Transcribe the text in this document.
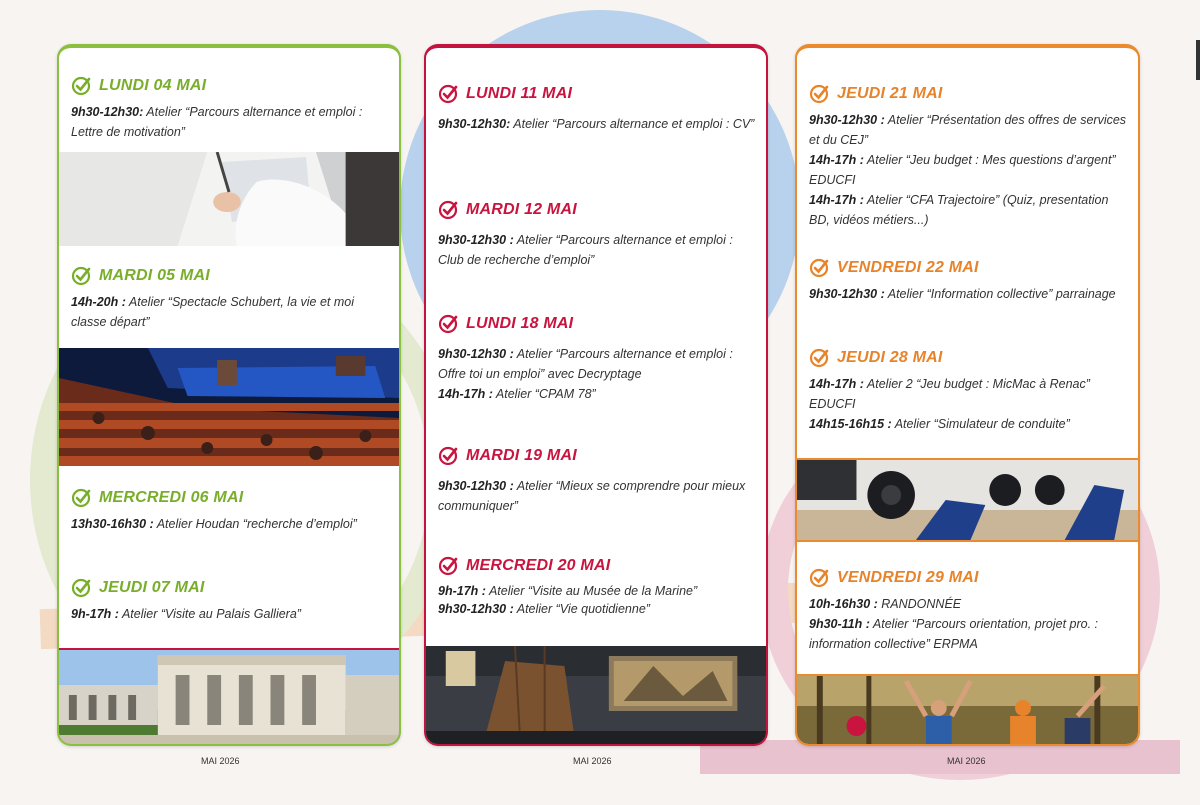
LUNDI 04 MAI
9h30-12h30: Atelier “Parcours alternance et emploi : Lettre de motivation”
MARDI 05 MAI
14h-20h : Atelier “Spectacle Schubert, la vie et moi classe départ”
MERCREDI 06 MAI
13h30-16h30 : Atelier Houdan “recherche d’emploi”
JEUDI 07 MAI
9h-17h : Atelier “Visite au Palais Galliera”
LUNDI 11 MAI
9h30-12h30: Atelier “Parcours alternance et emploi : CV”
MARDI 12 MAI
9h30-12h30 : Atelier “Parcours alternance et emploi : Club de recherche d’emploi”
LUNDI 18 MAI
9h30-12h30 : Atelier “Parcours alternance et emploi : Offre toi un emploi” avec Decryptage
14h-17h : Atelier “CPAM 78”
MARDI 19 MAI
9h30-12h30 : Atelier “Mieux se comprendre pour mieux communiquer”
MERCREDI 20 MAI
9h-17h : Atelier “Visite au Musée de la Marine”
9h30-12h30 : Atelier “Vie quotidienne”
JEUDI 21 MAI
9h30-12h30 : Atelier “Présentation des offres de services et du CEJ”
14h-17h : Atelier “Jeu budget : Mes questions d’argent” EDUCFI
14h-17h : Atelier “CFA Trajectoire” (Quiz, presentation BD, vidéos métiers...)
VENDREDI 22 MAI
9h30-12h30 : Atelier “Information collective” parrainage
JEUDI 28 MAI
14h-17h : Atelier 2 “Jeu budget : MicMac à Renac” EDUCFI
14h15-16h15 : Atelier “Simulateur de conduite”
VENDREDI 29 MAI
10h-16h30 : RANDONNÉE
9h30-11h : Atelier “Parcours orientation, projet pro. : information collective” ERPMA
MAI 2026	MAI 2026	MAI 2026
